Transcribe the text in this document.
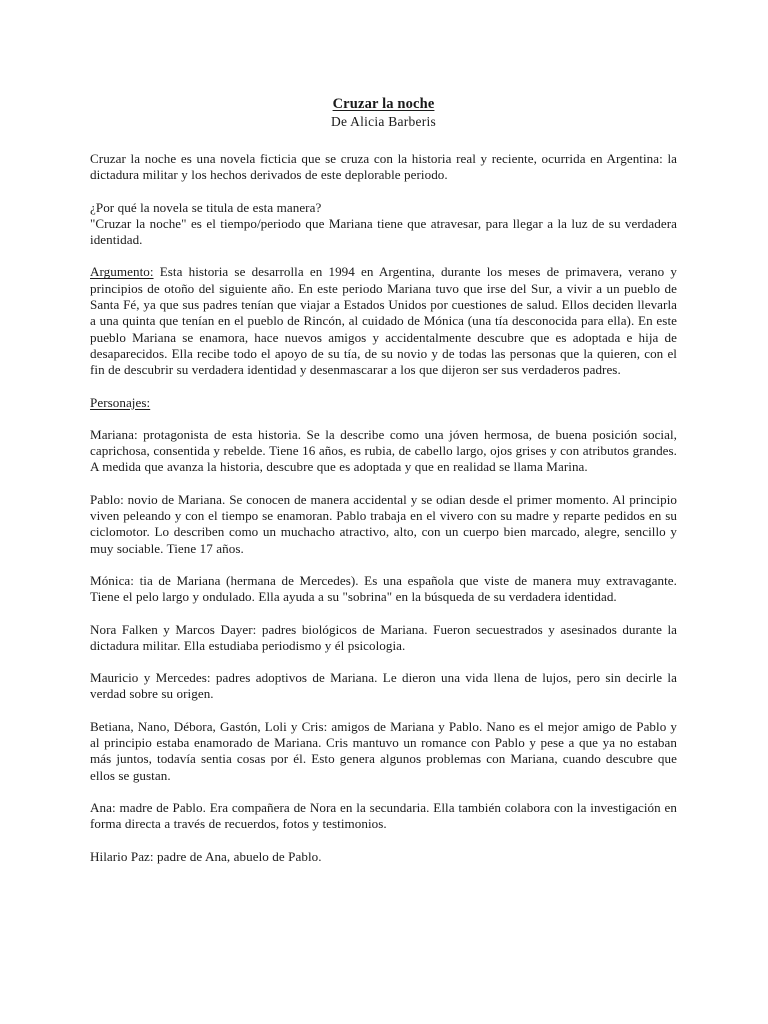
Cruzar la noche
De Alicia Barberis

Cruzar la noche es una novela ficticia que se cruza con la historia real y reciente, ocurrida en Argentina: la dictadura militar y los hechos derivados de este deplorable periodo.

¿Por qué la novela se titula de esta manera?

"Cruzar la noche" es el tiempo/periodo que Mariana tiene que atravesar, para llegar a la luz de su verdadera identidad.

Argumento: Esta historia se desarrolla en 1994 en Argentina, durante los meses de primavera, verano y principios de otoño del siguiente año. En este periodo Mariana tuvo que irse del Sur, a vivir a un pueblo de Santa Fé, ya que sus padres tenían que viajar a Estados Unidos por cuestiones de salud. Ellos deciden llevarla a una quinta que tenían en el pueblo de Rincón, al cuidado de Mónica (una tía desconocida para ella). En este pueblo Mariana se enamora, hace nuevos amigos y accidentalmente descubre que es adoptada e hija de desaparecidos. Ella recibe todo el apoyo de su tía, de su novio y de todas las personas que la quieren, con el fin de descubrir su verdadera identidad y desenmascarar a los que dijeron ser sus verdaderos padres.

Personajes:

Mariana: protagonista de esta historia. Se la describe como una jóven hermosa, de buena posición social, caprichosa, consentida y rebelde. Tiene 16 años, es rubia, de cabello largo, ojos grises y con atributos grandes. A medida que avanza la historia, descubre que es adoptada y que en realidad se llama Marina.

Pablo: novio de Mariana. Se conocen de manera accidental y se odian desde el primer momento. Al principio viven peleando y con el tiempo se enamoran. Pablo trabaja en el vivero con su madre y reparte pedidos en su ciclomotor. Lo describen como un muchacho atractivo, alto, con un cuerpo bien marcado, alegre, sencillo y muy sociable. Tiene 17 años.

Mónica: tia de Mariana (hermana de Mercedes). Es una española que viste de manera muy extravagante. Tiene el pelo largo y ondulado. Ella ayuda a su "sobrina" en la búsqueda de su verdadera identidad.

Nora Falken y Marcos Dayer: padres biológicos de Mariana. Fueron secuestrados y asesinados durante la dictadura militar. Ella estudiaba periodismo y él psicologia.

Mauricio y Mercedes: padres adoptivos de Mariana. Le dieron una vida llena de lujos, pero sin decirle la verdad sobre su origen.

Betiana, Nano, Débora, Gastón, Loli y Cris: amigos de Mariana y Pablo. Nano es el mejor amigo de Pablo y al principio estaba enamorado de Mariana. Cris mantuvo un romance con Pablo y pese a que ya no estaban más juntos, todavía sentia cosas por él. Esto genera algunos problemas con Mariana, cuando descubre que ellos se gustan.

Ana: madre de Pablo. Era compañera de Nora en la secundaria. Ella también colabora con la investigación en forma directa a través de recuerdos, fotos y testimonios.

Hilario Paz: padre de Ana, abuelo de Pablo.
